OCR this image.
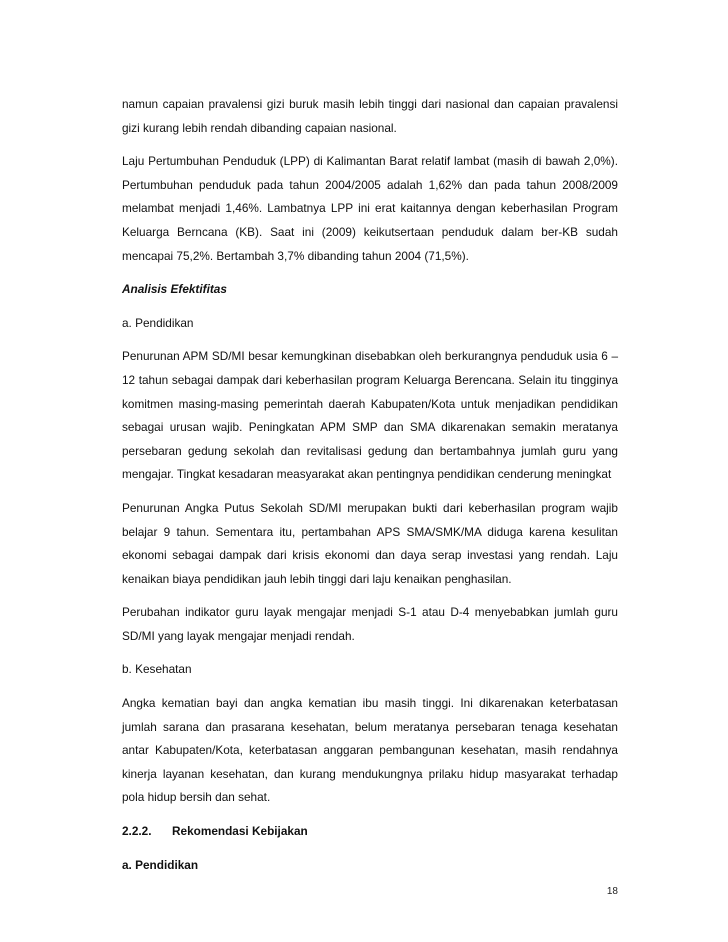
namun capaian pravalensi gizi buruk masih lebih tinggi dari nasional dan capaian pravalensi gizi kurang lebih rendah dibanding capaian nasional.

Laju Pertumbuhan Penduduk (LPP) di Kalimantan Barat relatif lambat (masih di bawah 2,0%). Pertumbuhan penduduk pada tahun 2004/2005 adalah 1,62% dan pada tahun 2008/2009 melambat menjadi 1,46%. Lambatnya LPP ini erat kaitannya dengan keberhasilan Program Keluarga Berncana (KB). Saat ini (2009) keikutsertaan penduduk dalam ber-KB sudah mencapai 75,2%. Bertambah 3,7% dibanding tahun 2004 (71,5%).

Analisis Efektifitas

a. Pendidikan

Penurunan APM SD/MI besar kemungkinan disebabkan oleh berkurangnya penduduk usia 6 – 12 tahun sebagai dampak dari keberhasilan program Keluarga Berencana. Selain itu tingginya komitmen masing-masing pemerintah daerah Kabupaten/Kota untuk menjadikan pendidikan sebagai urusan wajib. Peningkatan APM SMP dan SMA dikarenakan semakin meratanya persebaran gedung sekolah dan revitalisasi gedung dan bertambahnya jumlah guru yang mengajar. Tingkat kesadaran measyarakat akan pentingnya pendidikan cenderung meningkat

Penurunan Angka Putus Sekolah SD/MI merupakan bukti dari keberhasilan program wajib belajar 9 tahun. Sementara itu, pertambahan APS SMA/SMK/MA diduga karena kesulitan ekonomi sebagai dampak dari krisis ekonomi dan daya serap investasi yang rendah. Laju kenaikan biaya pendidikan jauh lebih tinggi dari laju kenaikan penghasilan.

Perubahan indikator guru layak mengajar menjadi S-1 atau D-4 menyebabkan jumlah guru SD/MI yang layak mengajar menjadi rendah.

b. Kesehatan

Angka kematian bayi dan angka kematian ibu masih tinggi. Ini dikarenakan keterbatasan jumlah sarana dan prasarana kesehatan, belum meratanya persebaran tenaga kesehatan antar Kabupaten/Kota, keterbatasan anggaran pembangunan kesehatan, masih rendahnya kinerja layanan kesehatan, dan kurang mendukungnya prilaku hidup masyarakat terhadap pola hidup bersih dan sehat.

2.2.2.	Rekomendasi Kebijakan

a. Pendidikan

18
